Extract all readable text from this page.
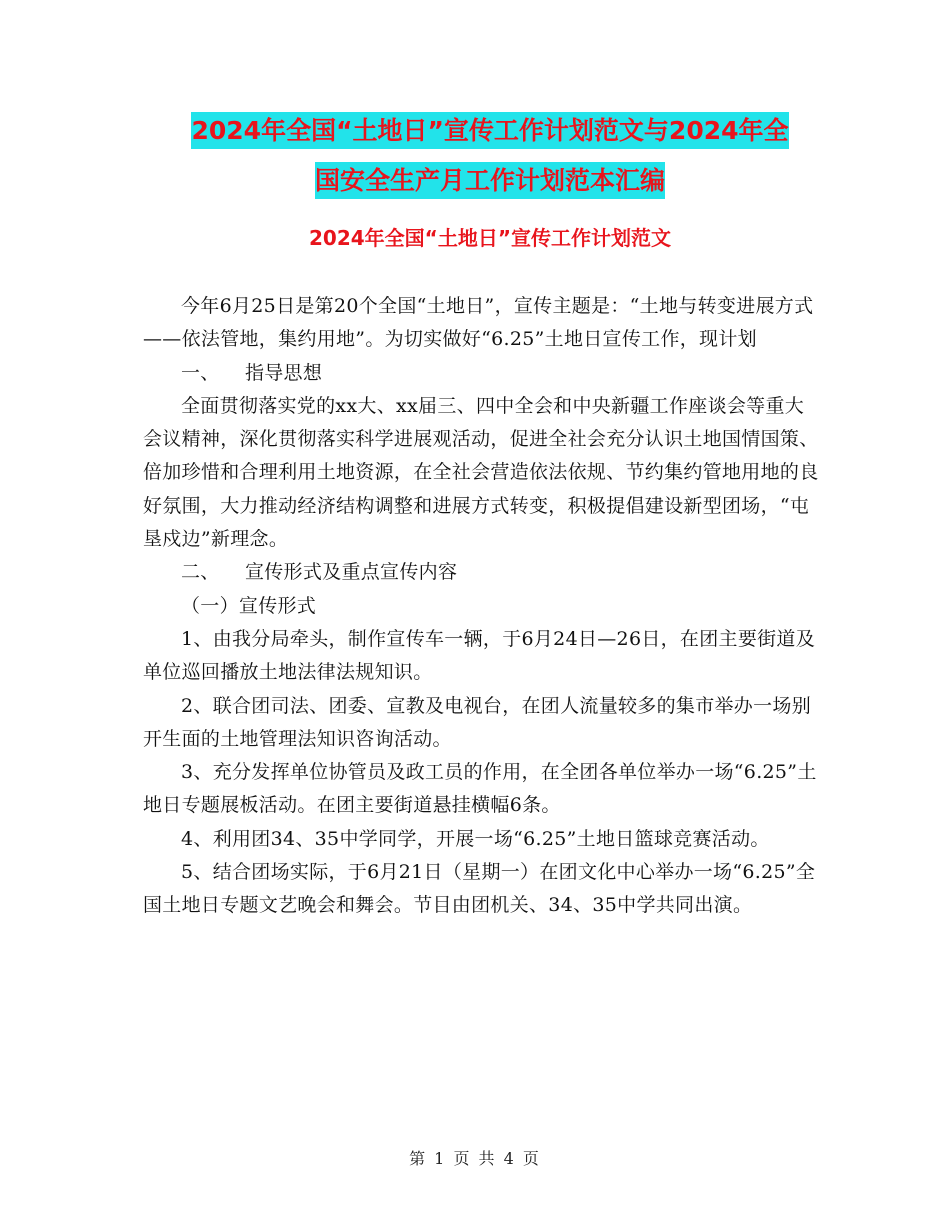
2024年全国“土地日”宣传工作计划范文与2024年全
国安全生产月工作计划范本汇编
2024年全国“土地日”宣传工作计划范文

今年6月25日是第20个全国“土地日”，宣传主题是：“土地与转变进展方式——依法管地，集约用地”。为切实做好“6.25”土地日宣传工作，现计划

一、    指导思想

全面贯彻落实党的xx大、xx届三、四中全会和中央新疆工作座谈会等重大会议精神，深化贯彻落实科学进展观活动，促进全社会充分认识土地国情国策、倍加珍惜和合理利用土地资源，在全社会营造依法依规、节约集约管地用地的良好氛围，大力推动经济结构调整和进展方式转变，积极提倡建设新型团场，“屯垦戍边”新理念。

二、    宣传形式及重点宣传内容

（一）宣传形式

1、由我分局牵头，制作宣传车一辆，于6月24日—26日，在团主要街道及单位巡回播放土地法律法规知识。

2、联合团司法、团委、宣教及电视台，在团人流量较多的集市举办一场别开生面的土地管理法知识咨询活动。

3、充分发挥单位协管员及政工员的作用，在全团各单位举办一场“6.25”土地日专题展板活动。在团主要街道悬挂横幅6条。

4、利用团34、35中学同学，开展一场“6.25”土地日篮球竞赛活动。

5、结合团场实际，于6月21日（星期一）在团文化中心举办一场“6.25”全国土地日专题文艺晚会和舞会。节目由团机关、34、35中学共同出演。

第 1 页 共 4 页
